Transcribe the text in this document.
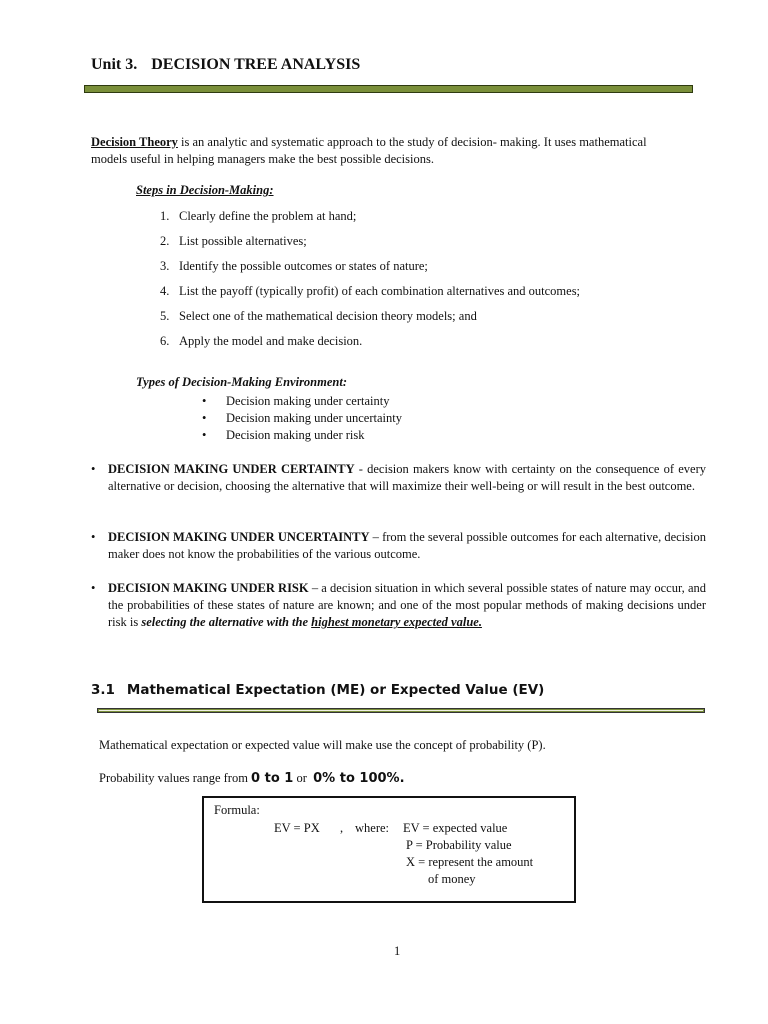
Unit 3. DECISION TREE ANALYSIS

Decision Theory is an analytic and systematic approach to the study of decision- making. It uses mathematical models useful in helping managers make the best possible decisions.

Steps in Decision-Making:
1. Clearly define the problem at hand;
2. List possible alternatives;
3. Identify the possible outcomes or states of nature;
4. List the payoff (typically profit) of each combination alternatives and outcomes;
5. Select one of the mathematical decision theory models; and
6. Apply the model and make decision.
Types of Decision-Making Environment:
• Decision making under certainty
• Decision making under uncertainty
• Decision making under risk
• DECISION MAKING UNDER CERTAINTY - decision makers know with certainty on the consequence of every alternative or decision, choosing the alternative that will maximize their well-being or will result in the best outcome.
• DECISION MAKING UNDER UNCERTAINTY – from the several possible outcomes for each alternative, decision maker does not know the probabilities of the various outcome.
• DECISION MAKING UNDER RISK – a decision situation in which several possible states of nature may occur, and the probabilities of these states of nature are known; and one of the most popular methods of making decisions under risk is selecting the alternative with the highest monetary expected value.
3.1 Mathematical Expectation (ME) or Expected Value (EV)
Mathematical expectation or expected value will make use the concept of probability (P).
Probability values range from 0 to 1 or  0% to 100%.
Formula:
EV = PX , where: EV = expected value
P = Probability value
X = represent the amount
of money
1
